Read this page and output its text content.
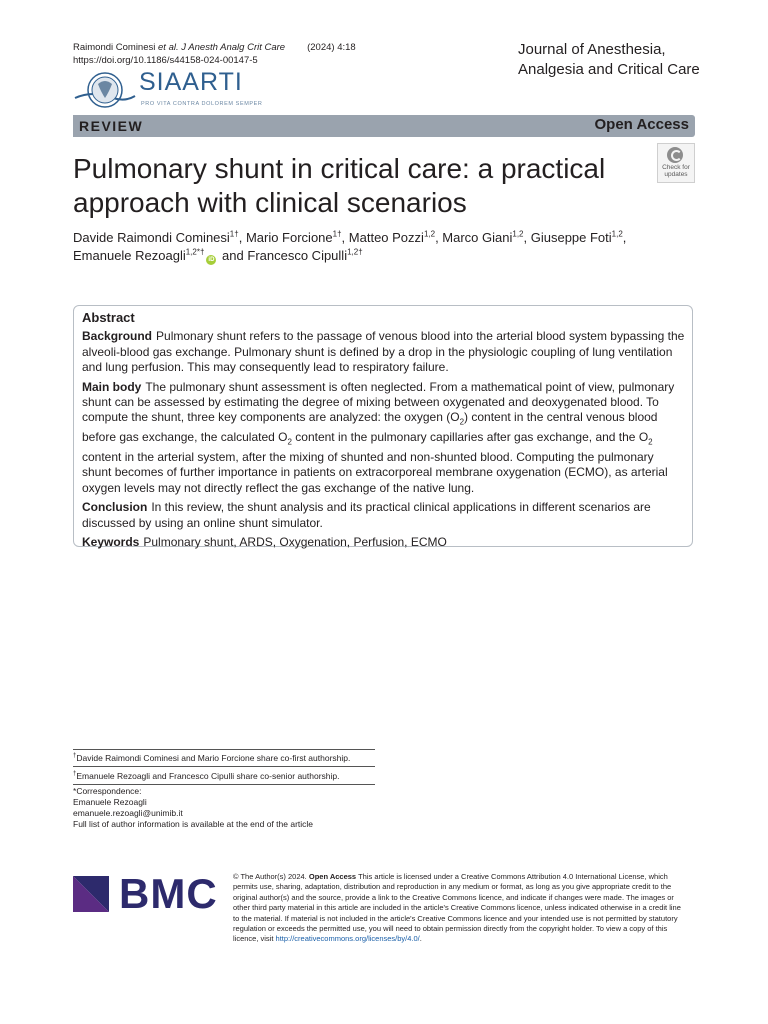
Raimondi Cominesi et al. J Anesth Analg Crit Care (2024) 4:18
https://doi.org/10.1186/s44158-024-00147-5
Journal of Anesthesia, Analgesia and Critical Care
SIAARTI
PRO VITA CONTRA DOLOREM SEMPER
REVIEW	Open Access
Pulmonary shunt in critical care: a practical approach with clinical scenarios
Check for updates
Davide Raimondi Cominesi$^{1\dagger}$, Mario Forcione$^{1\dagger}$, Matteo Pozzi$^{1,2}$, Marco Giani$^{1,2}$, Giuseppe Foti$^{1,2}$,
Emanuele Rezoagli$^{1,2*\dagger}$iD and Francesco Cipulli$^{1,2\dagger}$
Abstract

Background Pulmonary shunt refers to the passage of venous blood into the arterial blood system bypassing the alveoli-blood gas exchange. Pulmonary shunt is defined by a drop in the physiologic coupling of lung ventilation and lung perfusion. This may consequently lead to respiratory failure.

Main body The pulmonary shunt assessment is often neglected. From a mathematical point of view, pulmonary shunt can be assessed by estimating the degree of mixing between oxygenated and deoxygenated blood. To compute the shunt, three key components are analyzed: the oxygen $(O_2)$ content in the central venous blood before gas exchange, the calculated $O_2$ content in the pulmonary capillaries after gas exchange, and the $O_2$ content in the arterial system, after the mixing of shunted and non-shunted blood. Computing the pulmonary shunt becomes of further importance in patients on extracorporeal membrane oxygenation (ECMO), as arterial oxygen levels may not directly reflect the gas exchange of the native lung.

Conclusion In this review, the shunt analysis and its practical clinical applications in different scenarios are discussed by using an online shunt simulator.

Keywords Pulmonary shunt, ARDS, Oxygenation, Perfusion, ECMO

†Davide Raimondi Cominesi and Mario Forcione share co-first authorship.
†Emanuele Rezoagli and Francesco Cipulli share co-senior authorship.
*Correspondence:
Emanuele Rezoagli
emanuele.rezoagli@unimib.it
Full list of author information is available at the end of the article
BMC © The Author(s) 2024. Open Access This article is licensed under a Creative Commons Attribution 4.0 International License, which permits use, sharing, adaptation, distribution and reproduction in any medium or format, as long as you give appropriate credit to the original author(s) and the source, provide a link to the Creative Commons licence, and indicate if changes were made. The images or other third party material in this article are included in the article's Creative Commons licence, unless indicated otherwise in a credit line to the material. If material is not included in the article's Creative Commons licence and your intended use is not permitted by statutory regulation or exceeds the permitted use, you will need to obtain permission directly from the copyright holder. To view a copy of this licence, visit http://creativecommons.org/licenses/by/4.0/.
